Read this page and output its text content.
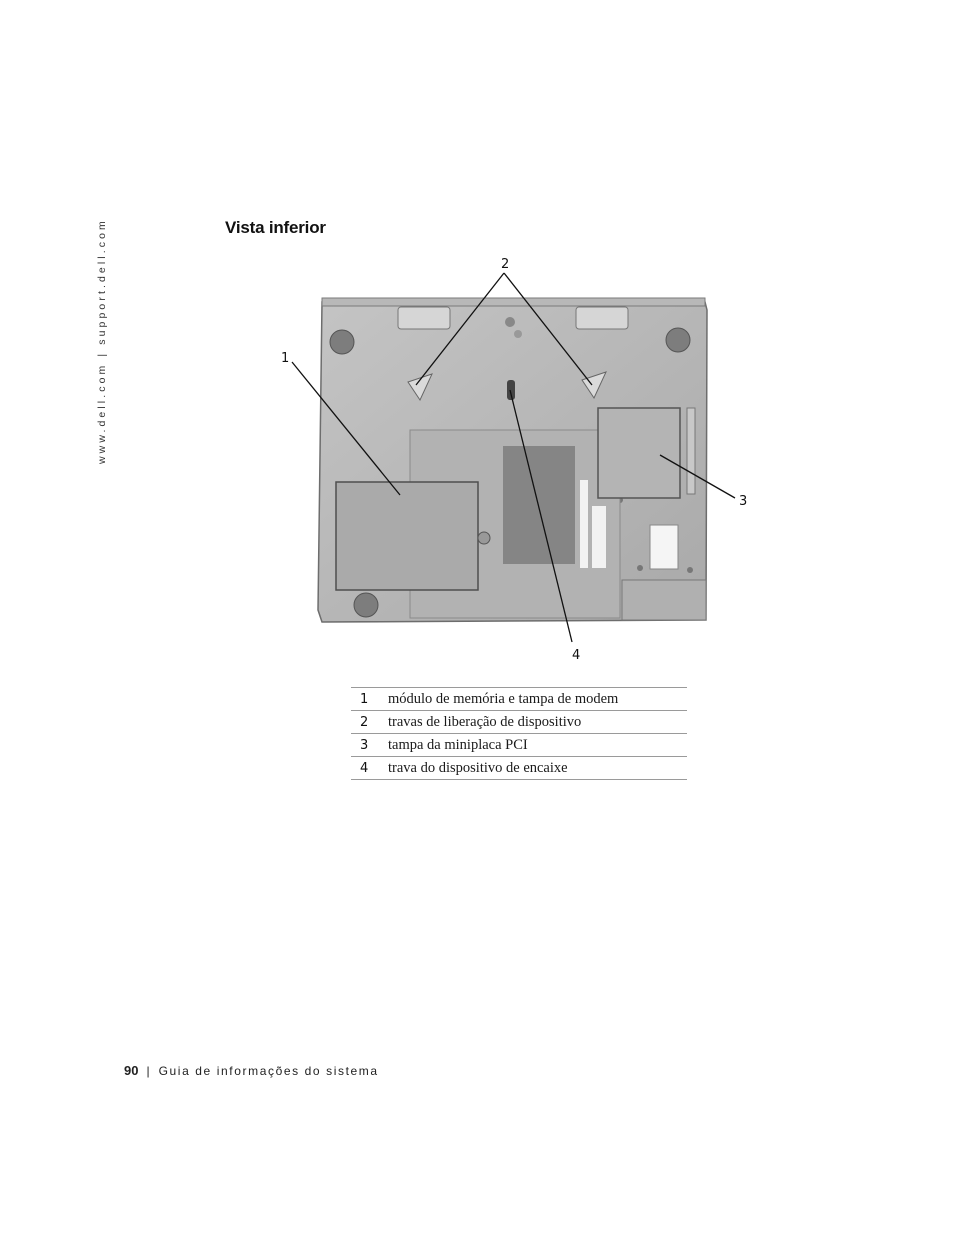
www.dell.com | support.dell.com	Vista inferior
1
2
3
4
1	módulo de memória e tampa de modem
2	travas de liberação de dispositivo
3	tampa da miniplaca PCI
4	trava do dispositivo de encaixe
90 | Guia de informações do sistema
